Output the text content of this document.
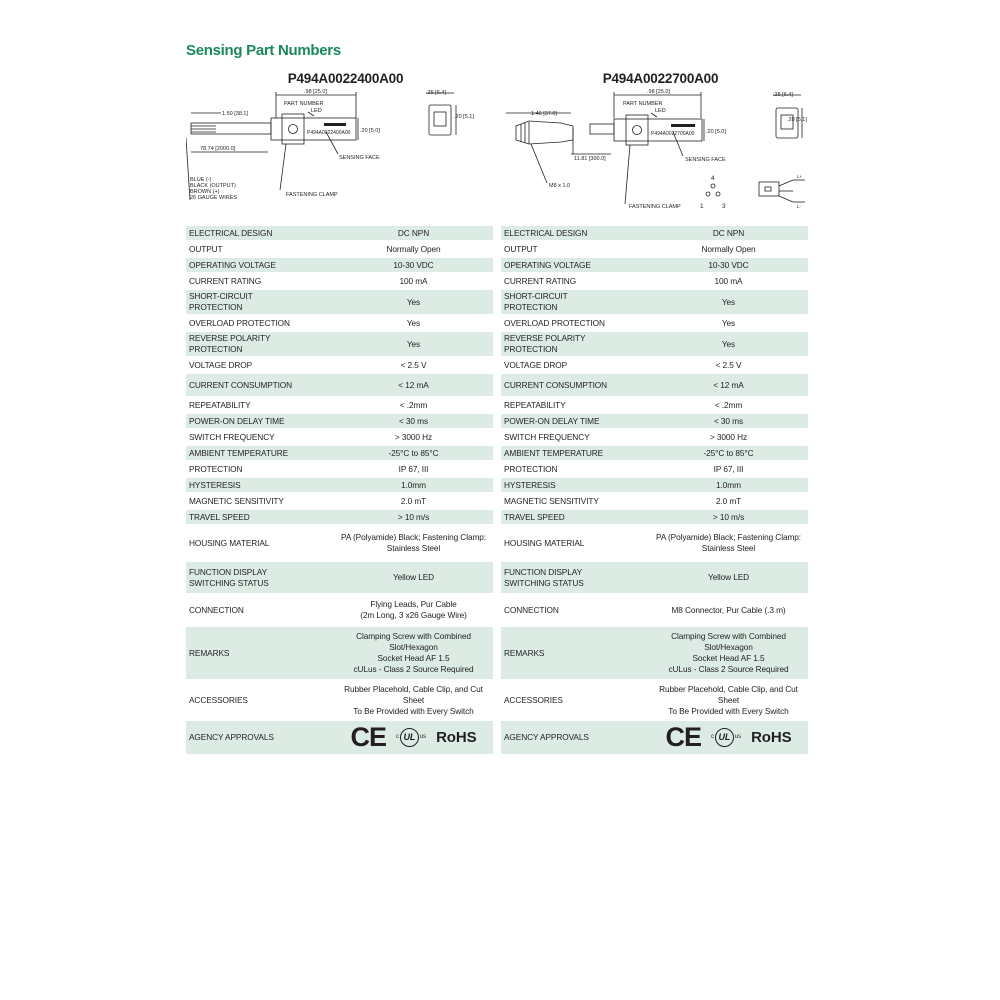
Sensing Part Numbers
P494A0022400A00
.98 [25.0]
1.50 [38.1]
78.74 [2000.0]
.25 [6.4]
.20 [5.1]
.20 [5.0]
PART NUMBER
LED
P494A0022400A00
SENSING FACE
FASTENING CLAMP
BLUE (-)
BLACK (OUTPUT)
BROWN (+)
26 GAUGE WIRES
ELECTRICAL DESIGN	DC NPN

OUTPUT	Normally Open

OPERATING VOLTAGE	10-30 VDC

CURRENT RATING	100 mA

SHORT-CIRCUIT
PROTECTION	Yes

OVERLOAD PROTECTION	Yes

REVERSE POLARITY
PROTECTION	Yes

VOLTAGE DROP	< 2.5 V

CURRENT CONSUMPTION	< 12 mA

REPEATABILITY	< .2mm

POWER-ON DELAY TIME	< 30 ms

SWITCH FREQUENCY	> 3000 Hz

AMBIENT TEMPERATURE	-25°C to 85°C

PROTECTION	IP 67, III

HYSTERESIS	1.0mm

MAGNETIC SENSITIVITY	2.0 mT

TRAVEL SPEED	> 10 m/s

HOUSING MATERIAL	PA (Polyamide) Black; Fastening Clamp:
Stainless Steel

FUNCTION DISPLAY
SWITCHING STATUS	Yellow LED

CONNECTION	Flying Leads, Pur Cable
(2m Long, 3 x26 Gauge Wire)

REMARKS	Clamping Screw with Combined Slot/Hexagon
Socket Head AF 1.5
cULus - Class 2 Source Required

ACCESSORIES	Rubber Placehold, Cable Clip, and Cut Sheet
To Be Provided with Every Switch

AGENCY APPROVALS	CE c UL us RoHS
P494A0022700A00
.98 [25.0]
1.46 [37.0]
11.81 [300.0]
.25 [6.4]
.20 [5.1]
.20 [5.0]
PART NUMBER
LED
P494A0022700A00
SENSING FACE
FASTENING CLAMP
M8 x 1.0
4
1	3
L+
L-
ELECTRICAL DESIGN	DC NPN

OUTPUT	Normally Open

OPERATING VOLTAGE	10-30 VDC

CURRENT RATING	100 mA

SHORT-CIRCUIT
PROTECTION	Yes

OVERLOAD PROTECTION	Yes

REVERSE POLARITY
PROTECTION	Yes

VOLTAGE DROP	< 2.5 V

CURRENT CONSUMPTION	< 12 mA

REPEATABILITY	< .2mm

POWER-ON DELAY TIME	< 30 ms

SWITCH FREQUENCY	> 3000 Hz

AMBIENT TEMPERATURE	-25°C to 85°C

PROTECTION	IP 67, III

HYSTERESIS	1.0mm

MAGNETIC SENSITIVITY	2.0 mT

TRAVEL SPEED	> 10 m/s

HOUSING MATERIAL	PA (Polyamide) Black; Fastening Clamp:
Stainless Steel

FUNCTION DISPLAY
SWITCHING STATUS	Yellow LED

CONNECTION	M8 Connector, Pur Cable (.3 m)

REMARKS	Clamping Screw with Combined Slot/Hexagon
Socket Head AF 1.5
cULus - Class 2 Source Required

ACCESSORIES	Rubber Placehold, Cable Clip, and Cut Sheet
To Be Provided with Every Switch

AGENCY APPROVALS	CE c UL us RoHS
